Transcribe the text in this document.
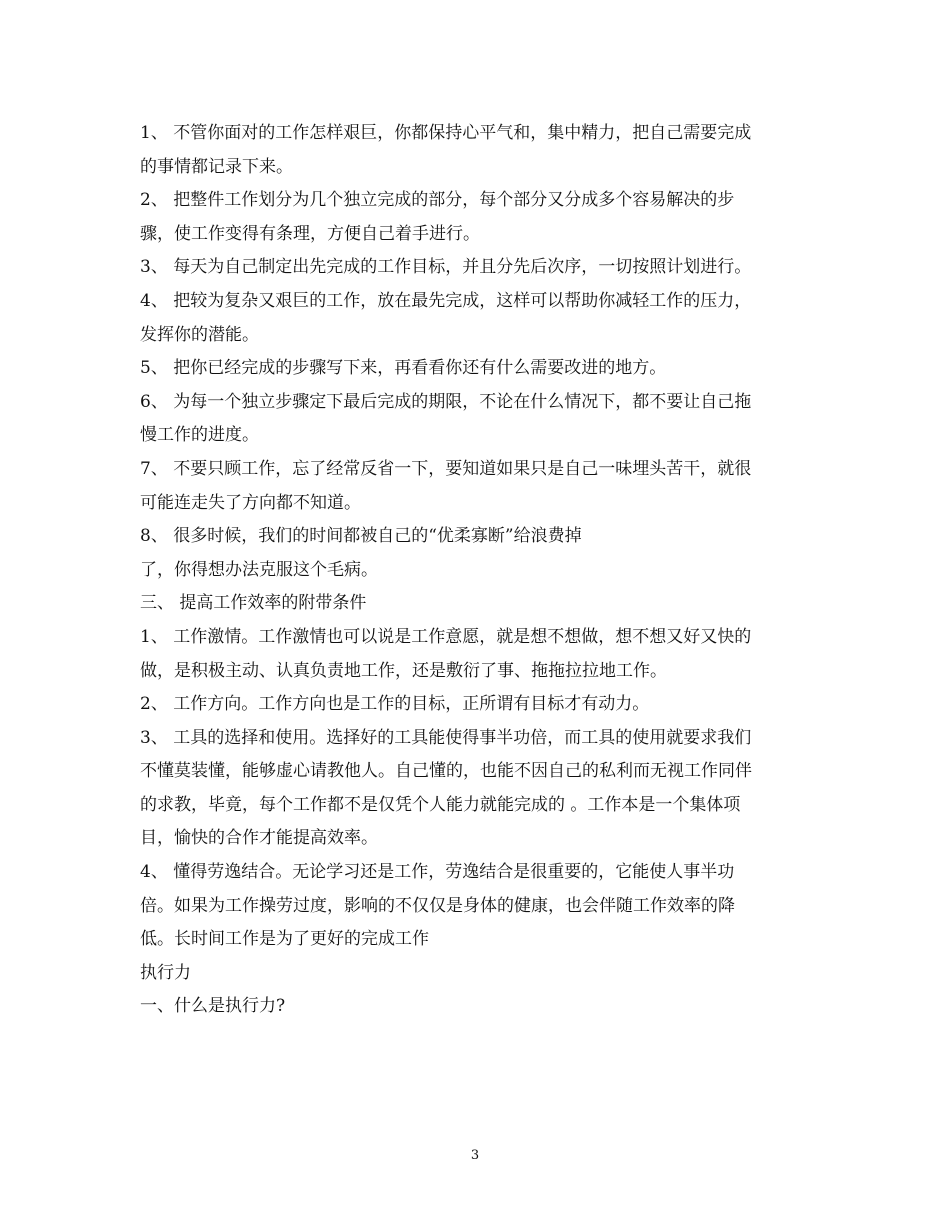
1、 不管你面对的工作怎样艰巨，你都保持心平气和，集中精力，把自己需要完成
的事情都记录下来。
2、 把整件工作划分为几个独立完成的部分，每个部分又分成多个容易解决的步
骤，使工作变得有条理，方便自己着手进行。
3、 每天为自己制定出先完成的工作目标，并且分先后次序，一切按照计划进行。
4、 把较为复杂又艰巨的工作，放在最先完成，这样可以帮助你减轻工作的压力，
发挥你的潜能。
5、 把你已经完成的步骤写下来，再看看你还有什么需要改进的地方。
6、 为每一个独立步骤定下最后完成的期限，不论在什么情况下，都不要让自己拖
慢工作的进度。
7、 不要只顾工作，忘了经常反省一下，要知道如果只是自己一味埋头苦干，就很
可能连走失了方向都不知道。
8、 很多时候，我们的时间都被自己的“优柔寡断”给浪费掉
了，你得想办法克服这个毛病。
三、 提高工作效率的附带条件
1、 工作激情。工作激情也可以说是工作意愿，就是想不想做，想不想又好又快的
做，是积极主动、认真负责地工作，还是敷衍了事、拖拖拉拉地工作。
2、 工作方向。工作方向也是工作的目标，正所谓有目标才有动力。
3、 工具的选择和使用。选择好的工具能使得事半功倍，而工具的使用就要求我们
不懂莫装懂，能够虚心请教他人。自己懂的，也能不因自己的私利而无视工作同伴
的求教，毕竟，每个工作都不是仅凭个人能力就能完成的 。工作本是一个集体项
目，愉快的合作才能提高效率。
4、 懂得劳逸结合。无论学习还是工作，劳逸结合是很重要的，它能使人事半功
倍。如果为工作操劳过度，影响的不仅仅是身体的健康，也会伴随工作效率的降
低。长时间工作是为了更好的完成工作
执行力
一、什么是执行力?
3
